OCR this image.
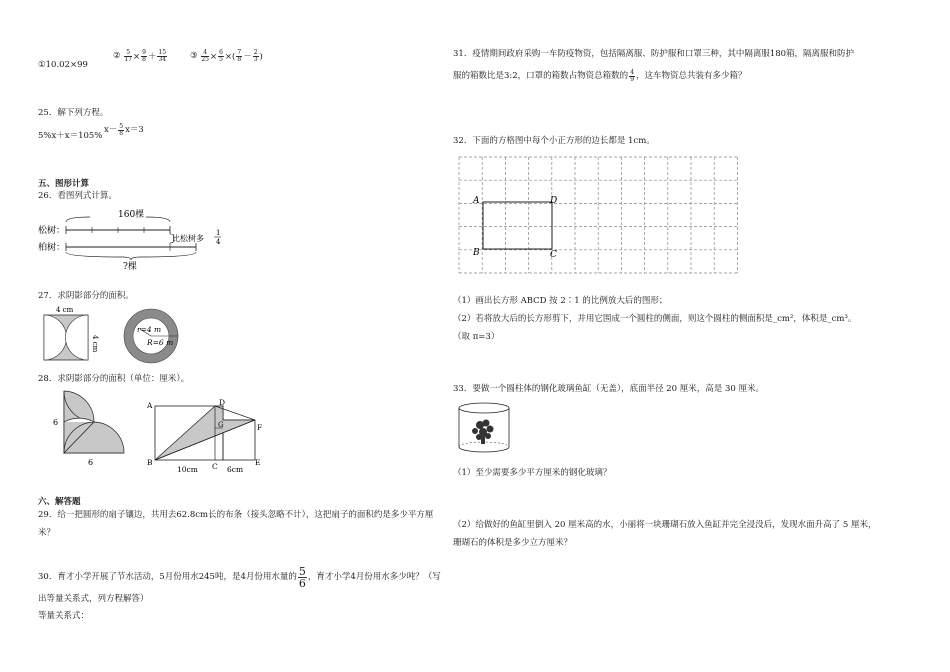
①10.02×99
② $\frac{5}{17} \times \frac{9}{8} + \frac{15}{34}$	③ $\frac{4}{25} \times \frac{6}{5}$ ×( $\frac{7}{8} - \frac{2}{3}$ )
25．解下列方程。
5%x＋x＝105%
$x- \frac{5}{8} x=3$
五、图形计算
26．看图列式计算。
160棵
松树：
柏树：
比松树多
1
4
?棵
27．求阴影部分的面积。
4 cm
4 cm
r=4 m
R=6 m
28．求阴影部分的面积（单位：厘米）。
6
6
A	D
G	F
B	C	E
10cm	6cm
六、解答题
29．给一把圆形的扇子镶边，共用去62.8cm长的布条（接头忽略不计），这把扇子的面积约是多少平方厘
米？
30．育才小学开展了节水活动，5月份用水245吨，是4月份用水量的 $\frac{5}{6}$ ，育才小学4月份用水多少吨？（写
出等量关系式，列方程解答）
等量关系式：
31．疫情期间政府采购一车防疫物资，包括隔离服、防护服和口罩三种，其中隔离服180箱，隔离服和防护
服的箱数比是3:2，口罩的箱数占物资总箱数的 $\frac{4}{9}$ ，这车物资总共装有多少箱？
32．下面的方格图中每个小正方形的边长都是 1cm。
A	D
B	C
（1）画出长方形 ABCD 按 2∶1 的比例放大后的图形；
（2）若将放大后的长方形剪下，并用它围成一个圆柱的侧面，则这个圆柱的侧面积是_cm²，体积是_cm³。
（取 π=3）
33．要做一个圆柱体的钢化玻璃鱼缸（无盖），底面半径 20 厘米，高是 30 厘米。
（1）至少需要多少平方厘米的钢化玻璃？
（2）给做好的鱼缸里倒入 20 厘米高的水，小丽将一块珊瑚石放入鱼缸并完全浸没后，发现水面升高了 5 厘米，
珊瑚石的体积是多少立方厘米？
